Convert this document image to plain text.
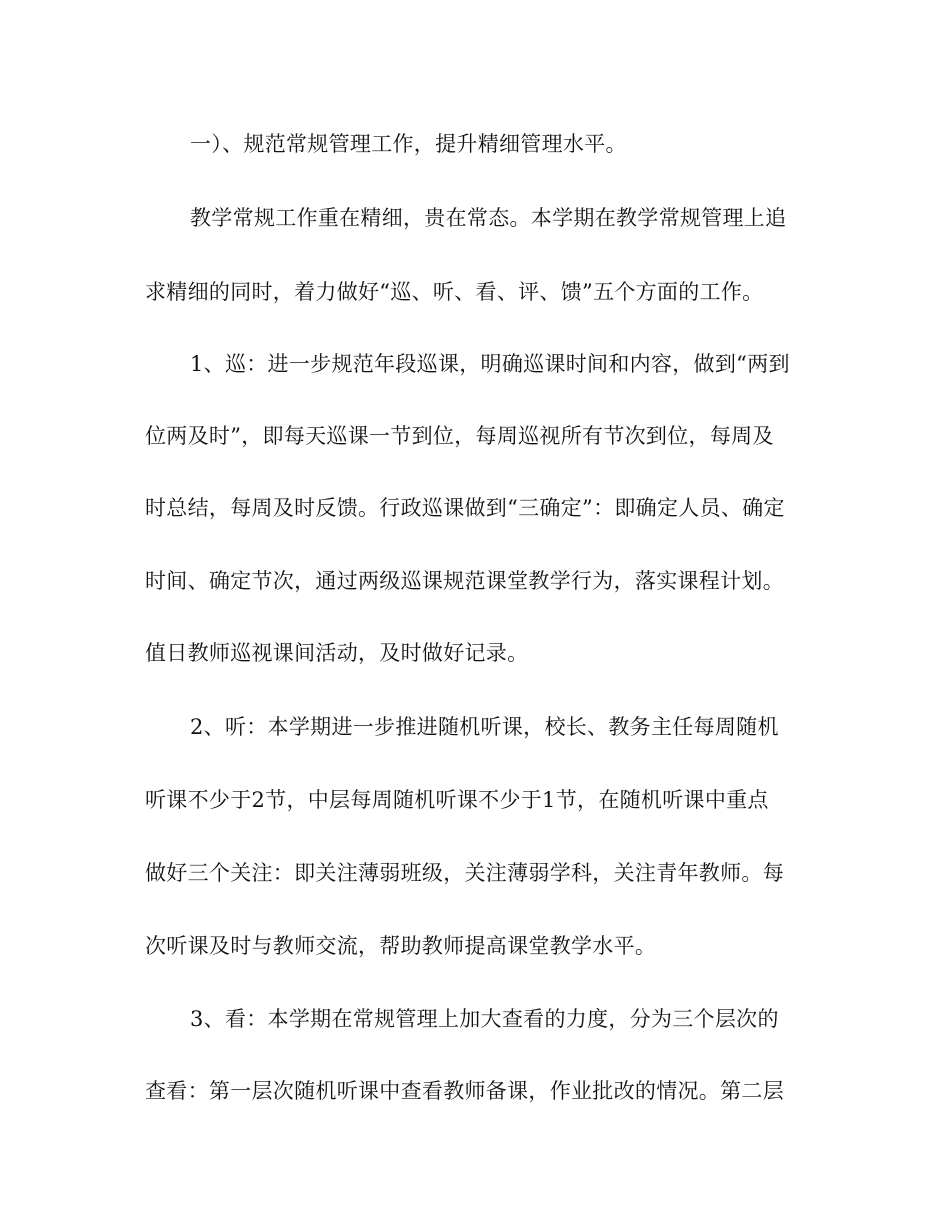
一）、规范常规管理工作，提升精细管理水平。
教学常规工作重在精细，贵在常态。本学期在教学常规管理上追
求精细的同时，着力做好“巡、听、看、评、馈”五个方面的工作。
1、巡：进一步规范年段巡课，明确巡课时间和内容，做到“两到
位两及时”，即每天巡课一节到位，每周巡视所有节次到位，每周及
时总结，每周及时反馈。行政巡课做到“三确定”：即确定人员、确定
时间、确定节次，通过两级巡课规范课堂教学行为，落实课程计划。
值日教师巡视课间活动，及时做好记录。
2、听：本学期进一步推进随机听课，校长、教务主任每周随机
听课不少于2节，中层每周随机听课不少于1节，在随机听课中重点
做好三个关注：即关注薄弱班级，关注薄弱学科，关注青年教师。每
次听课及时与教师交流，帮助教师提高课堂教学水平。
3、看：本学期在常规管理上加大查看的力度，分为三个层次的
查看：第一层次随机听课中查看教师备课，作业批改的情况。第二层
